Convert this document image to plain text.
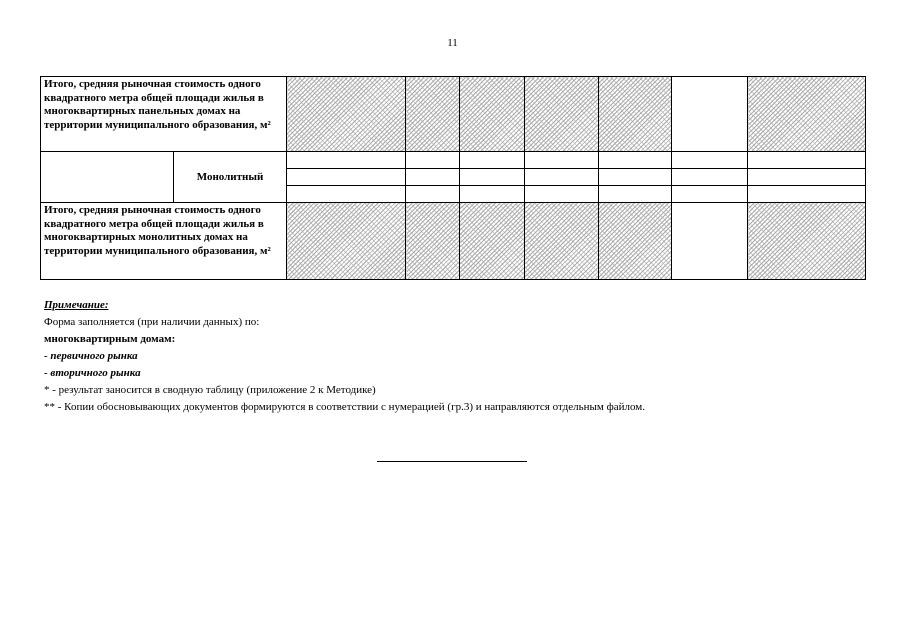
11
Итого, средняя рыночная стоимость одного квадратного метра общей площади жилья в многоквартирных панельных домах на территории муниципального образования, м²								
	Монолитный							

Итого, средняя рыночная стоимость одного квадратного метра общей площади жилья в многоквартирных монолитных домах на территории муниципального образования, м²								
Примечание:
Форма заполняется (при наличии данных) по:
многоквартирным домам:
- первичного рынка
- вторичного рынка
* - результат заносится в сводную таблицу (приложение 2 к Методике)
** - Копии обосновывающих документов формируются в соответствии с нумерацией (гр.3) и направляются отдельным файлом.
